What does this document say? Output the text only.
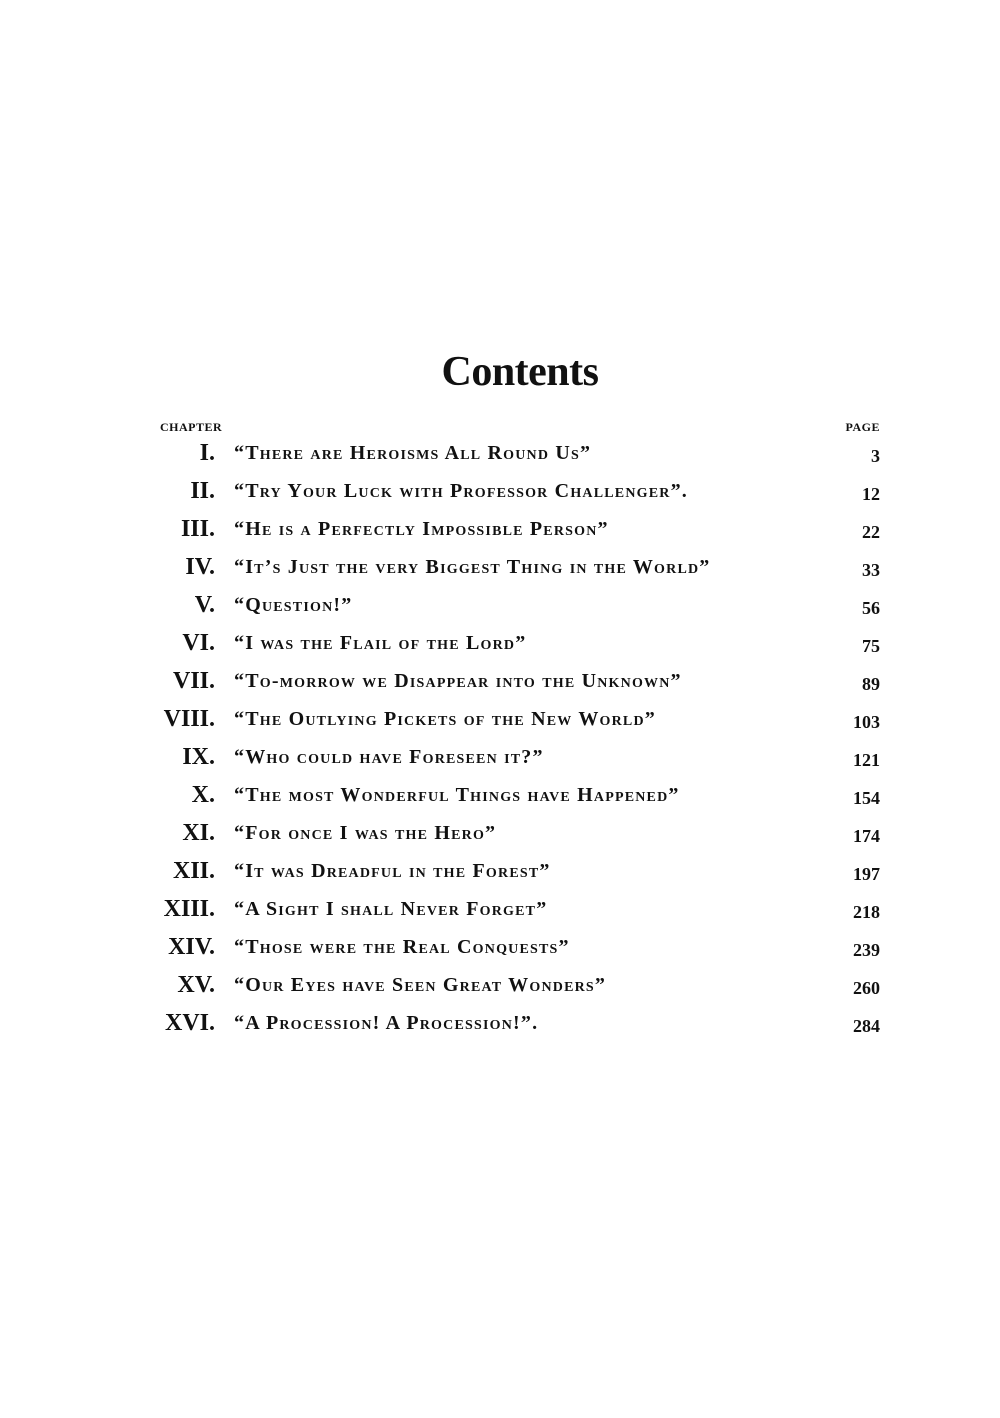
Contents
CHAPTER	PAGE
I. “There are Heroisms All Round Us”	3
II. “Try Your Luck with Professor Challenger”.	12
III. “He is a Perfectly Impossible Person”	22
IV. “It’s Just the very Biggest Thing in the World”	33
V. “Question!”	56
VI. “I was the Flail of the Lord”	75
VII. “To-morrow we Disappear into the Unknown”	89
VIII. “The Outlying Pickets of the New World”	103
IX. “Who could have Foreseen it?”	121
X. “The most Wonderful Things have Happened”	154
XI. “For once I was the Hero”	174
XII. “It was Dreadful in the Forest”	197
XIII. “A Sight I shall Never Forget”	218
XIV. “Those were the Real Conquests”	239
XV. “Our Eyes have Seen Great Wonders”	260
XVI. “A Procession! A Procession!”.	284
